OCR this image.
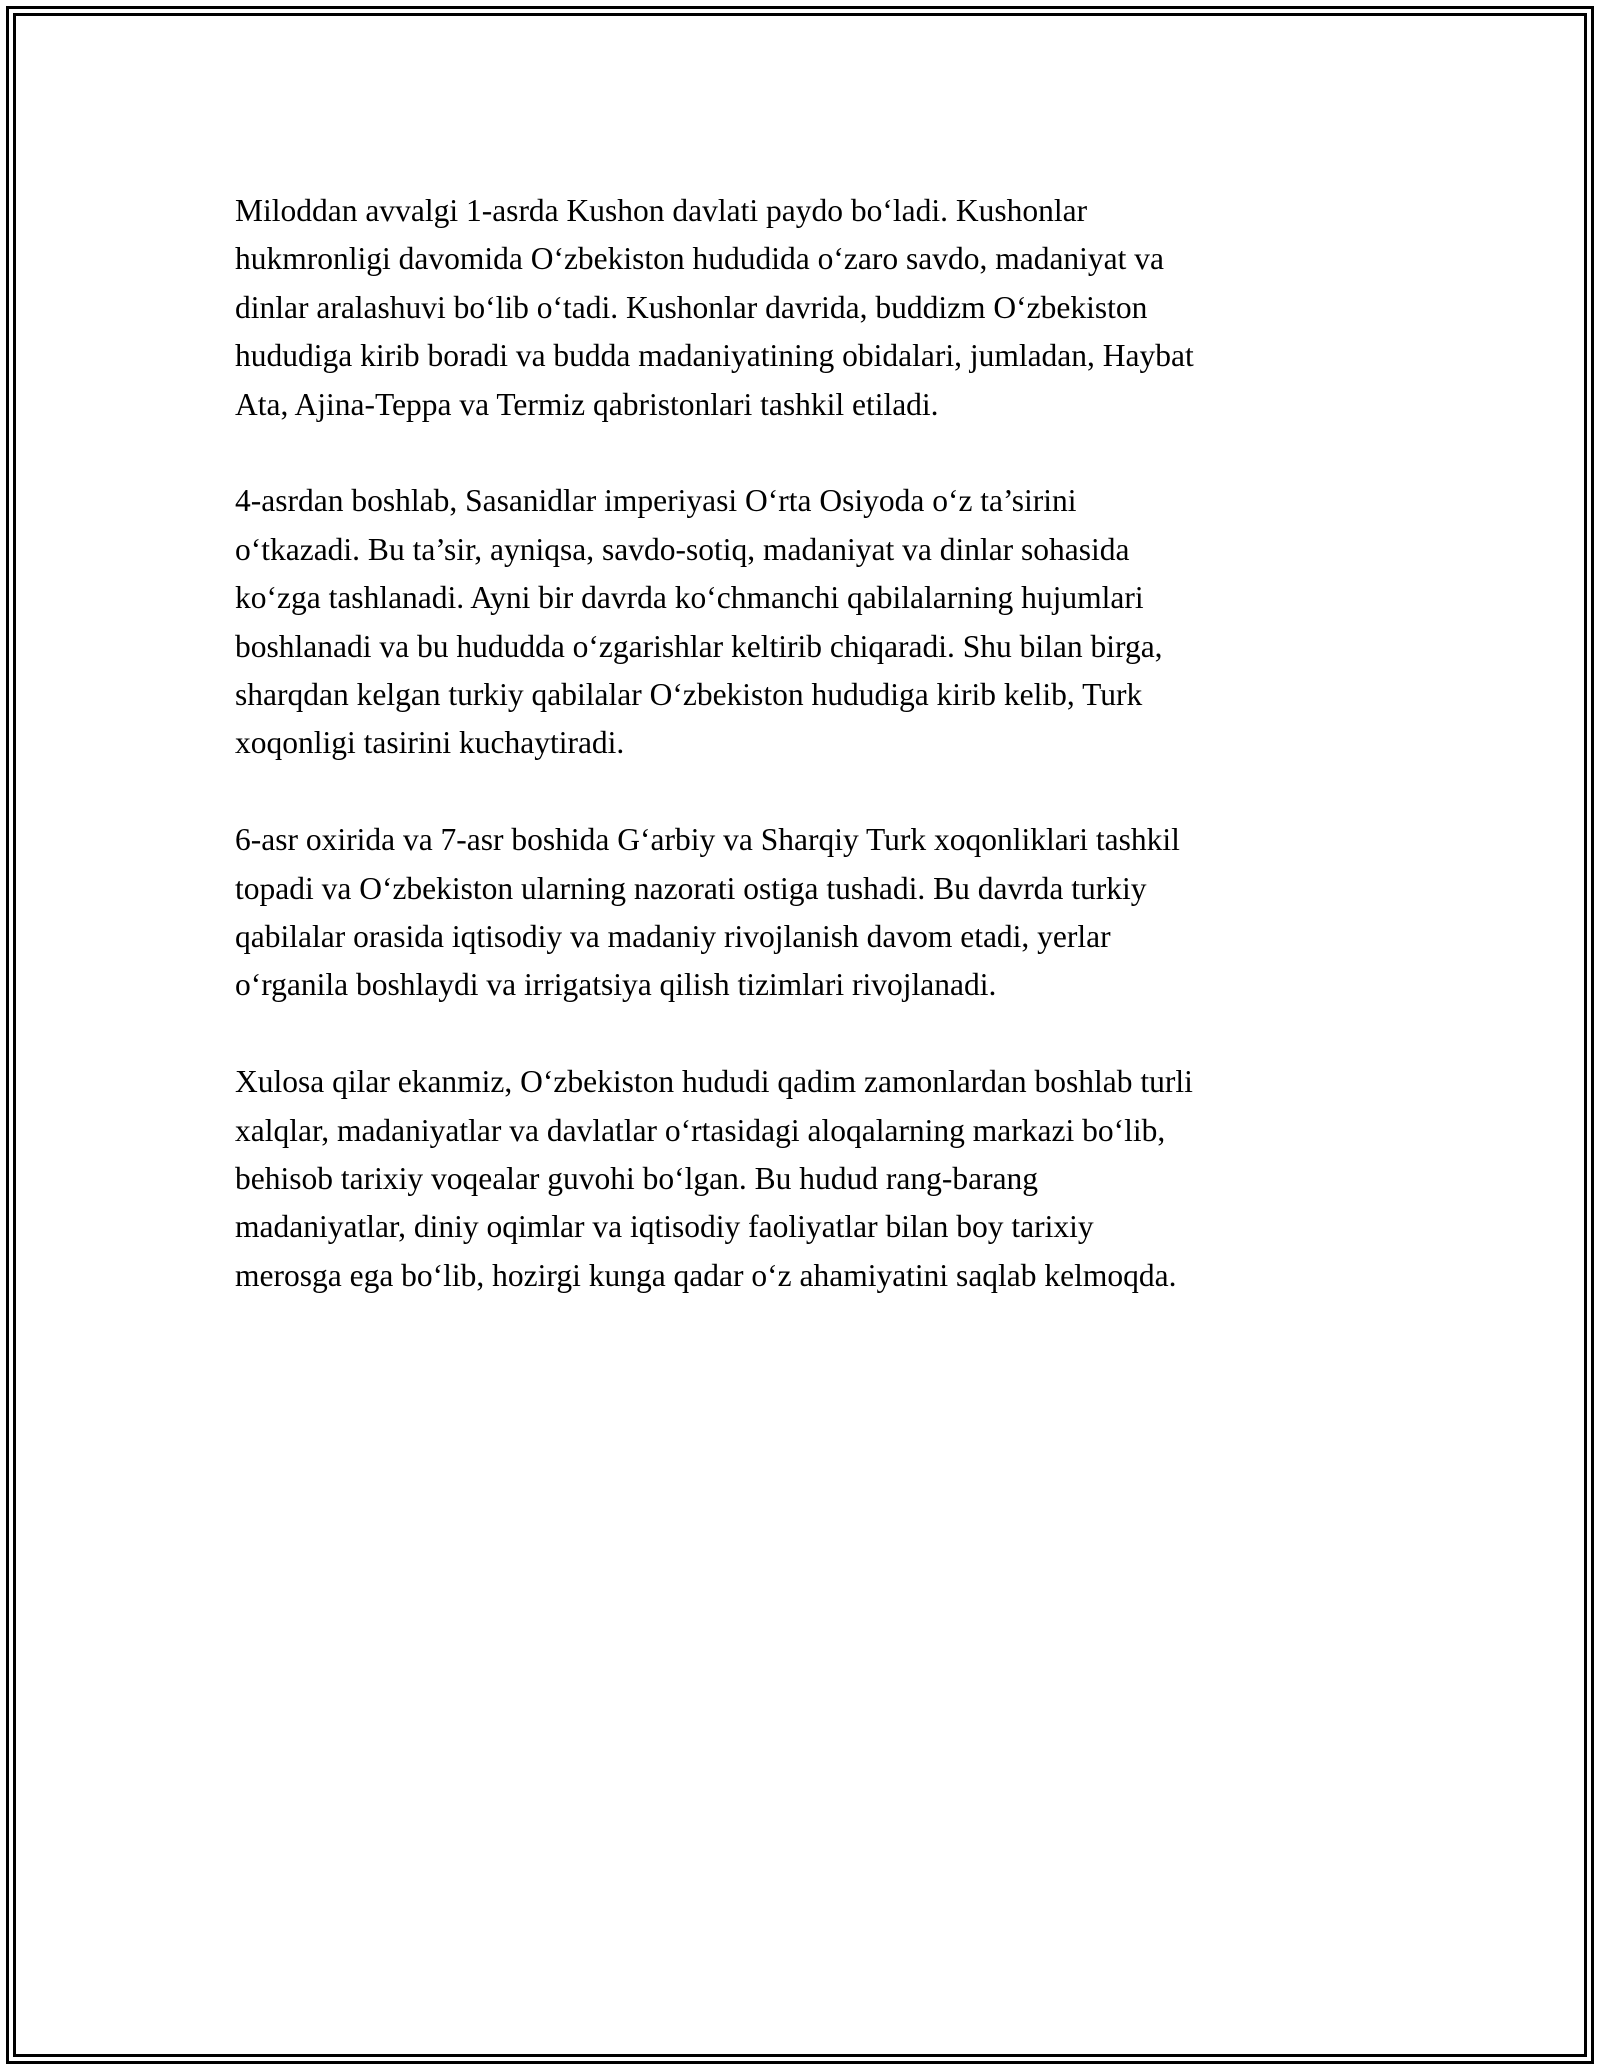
Miloddan avvalgi 1-asrda Kushon davlati paydo bo‘ladi. Kushonlar
hukmronligi davomida O‘zbekiston hududida o‘zaro savdo, madaniyat va
dinlar aralashuvi bo‘lib o‘tadi. Kushonlar davrida, buddizm O‘zbekiston
hududiga kirib boradi va budda madaniyatining obidalari, jumladan, Haybat
Ata, Ajina-Teppa va Termiz qabristonlari tashkil etiladi.

4-asrdan boshlab, Sasanidlar imperiyasi O‘rta Osiyoda o‘z ta’sirini
o‘tkazadi. Bu ta’sir, ayniqsa, savdo-sotiq, madaniyat va dinlar sohasida
ko‘zga tashlanadi. Ayni bir davrda ko‘chmanchi qabilalarning hujumlari
boshlanadi va bu hududda o‘zgarishlar keltirib chiqaradi. Shu bilan birga,
sharqdan kelgan turkiy qabilalar O‘zbekiston hududiga kirib kelib, Turk
xoqonligi tasirini kuchaytiradi.

6-asr oxirida va 7-asr boshida G‘arbiy va Sharqiy Turk xoqonliklari tashkil
topadi va O‘zbekiston ularning nazorati ostiga tushadi. Bu davrda turkiy
qabilalar orasida iqtisodiy va madaniy rivojlanish davom etadi, yerlar
o‘rganila boshlaydi va irrigatsiya qilish tizimlari rivojlanadi.

Xulosa qilar ekanmiz, O‘zbekiston hududi qadim zamonlardan boshlab turli
xalqlar, madaniyatlar va davlatlar o‘rtasidagi aloqalarning markazi bo‘lib,
behisob tarixiy voqealar guvohi bo‘lgan. Bu hudud rang-barang
madaniyatlar, diniy oqimlar va iqtisodiy faoliyatlar bilan boy tarixiy
merosga ega bo‘lib, hozirgi kunga qadar o‘z ahamiyatini saqlab kelmoqda.
